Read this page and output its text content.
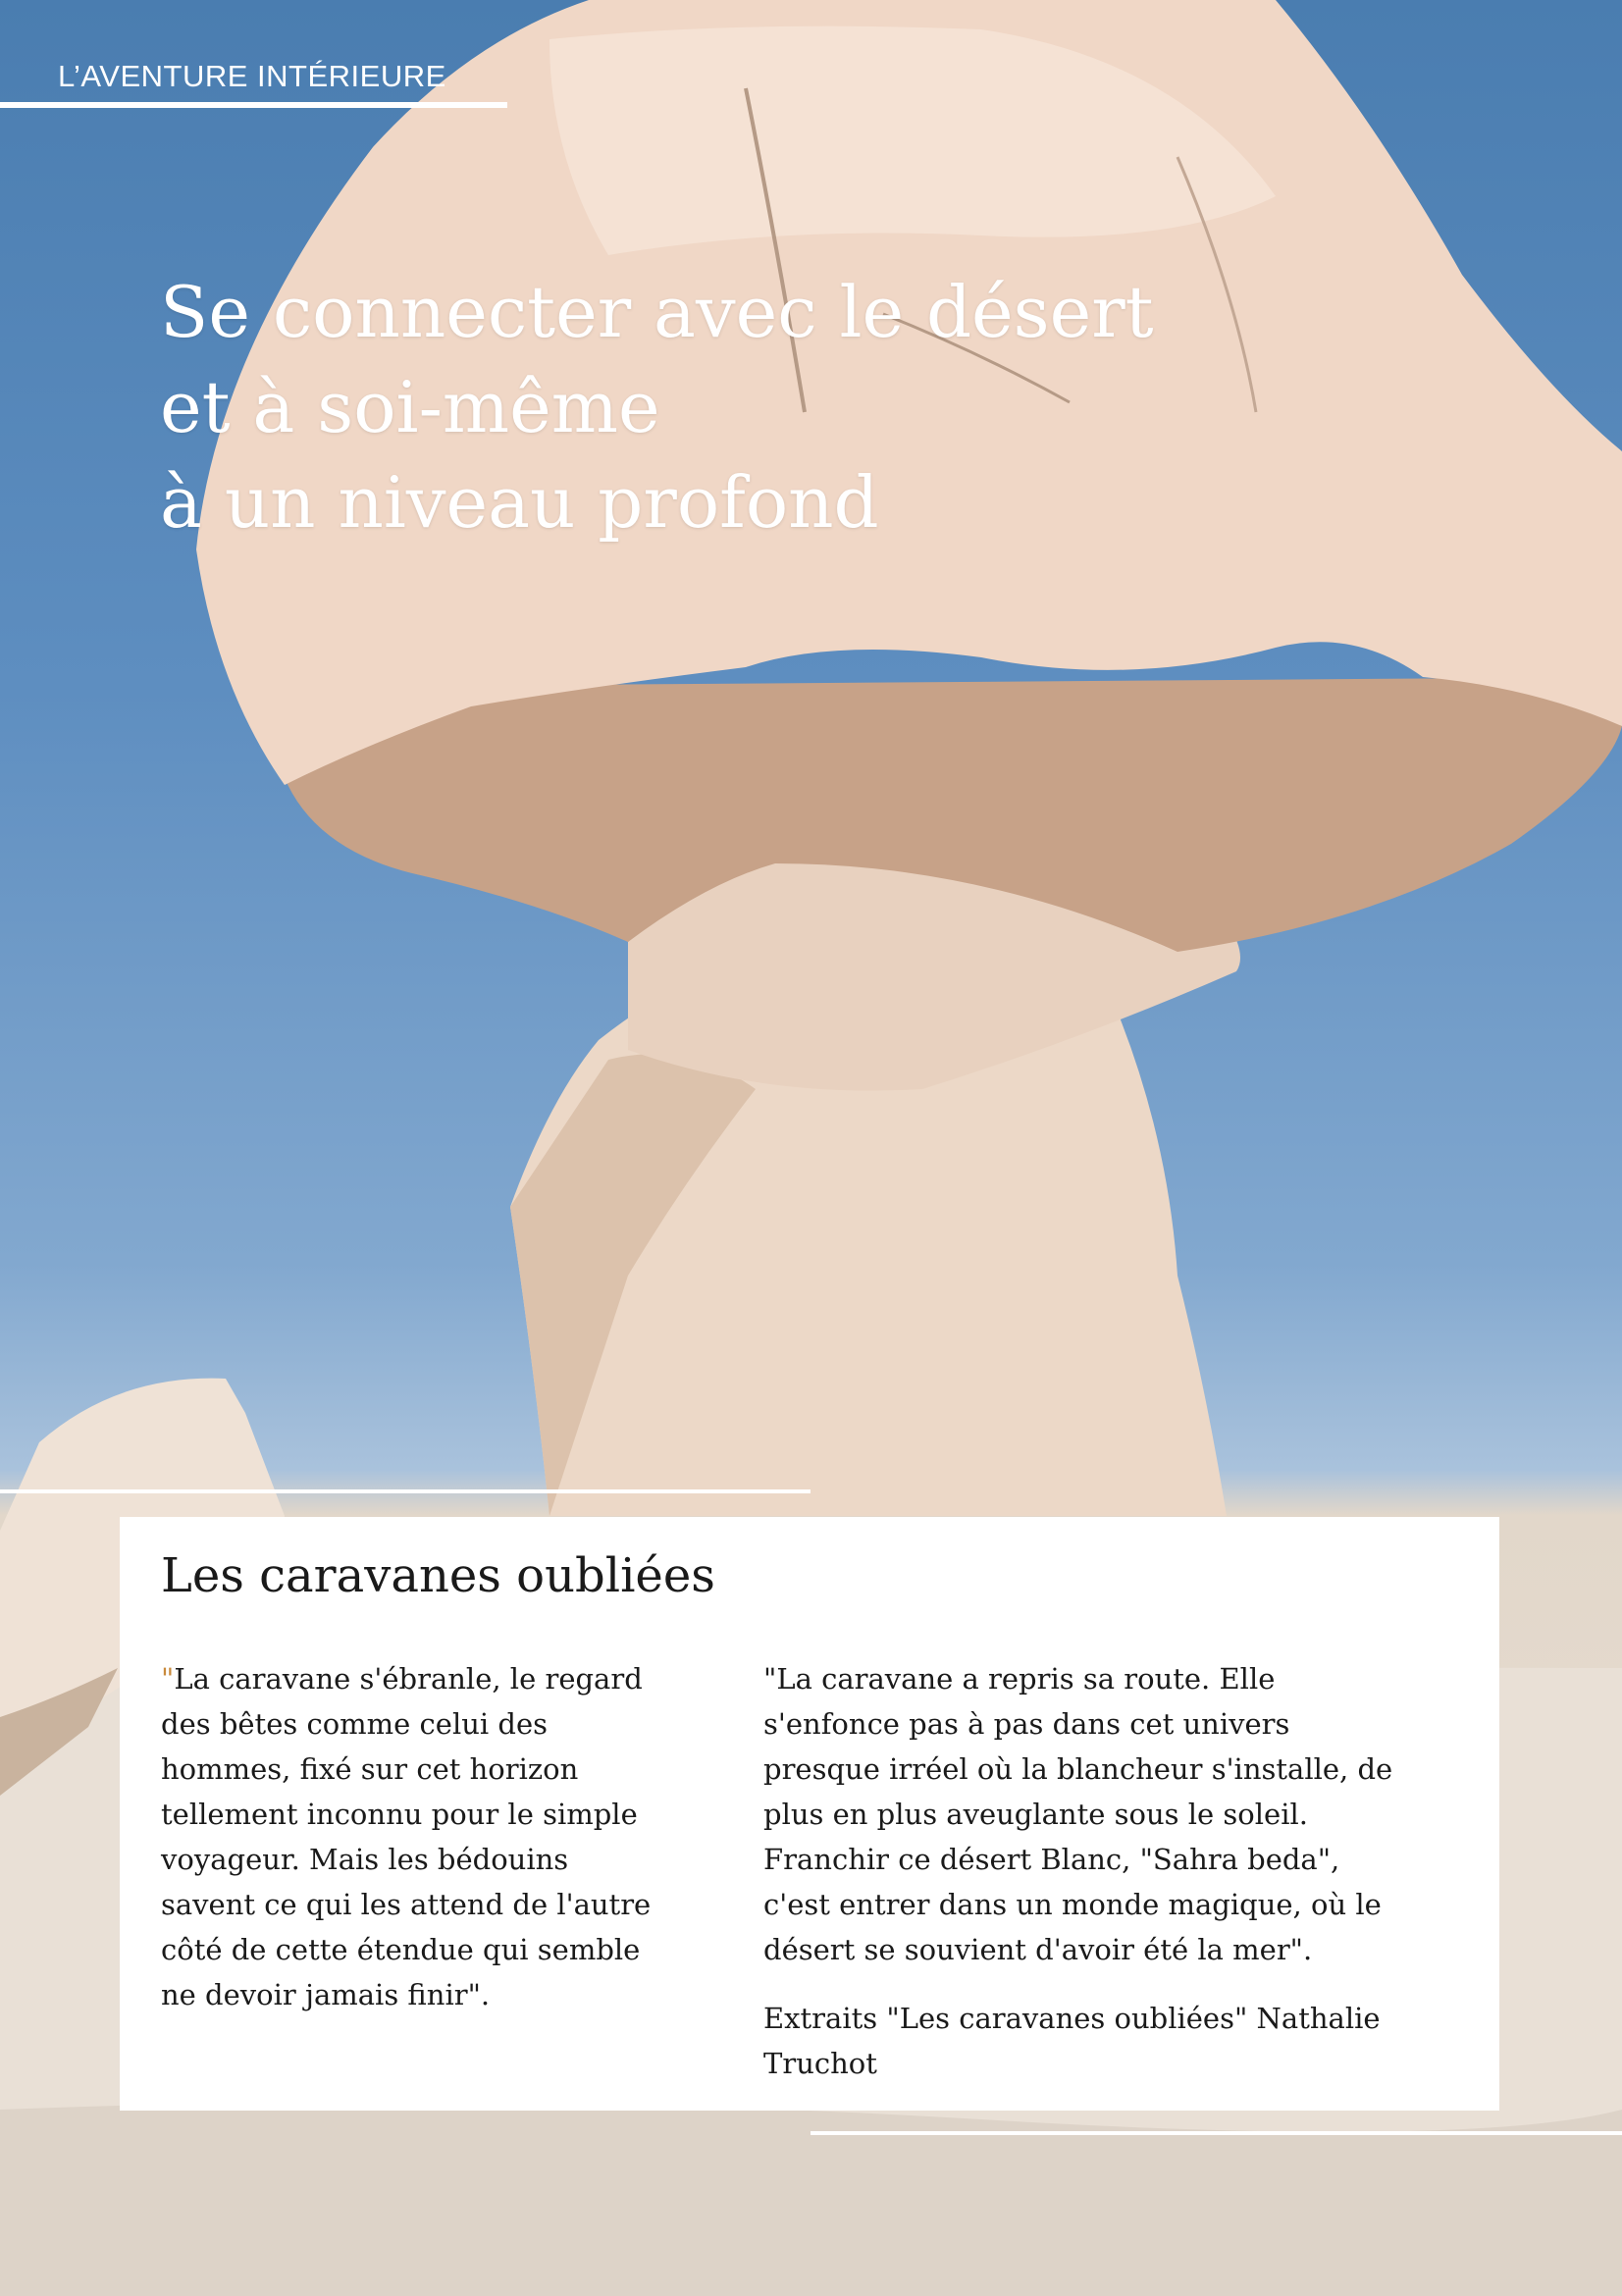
L’AVENTURE INTÉRIEURE
Se connecter avec le désert
et à soi-même
à un niveau profond
Les caravanes oubliées

"La caravane s'ébranle, le regard
des bêtes comme celui des
hommes, fixé sur cet horizon
tellement inconnu pour le simple
voyageur. Mais les bédouins
savent ce qui les attend de l'autre
côté de cette étendue qui semble
ne devoir jamais finir".

"La caravane a repris sa route. Elle
s'enfonce pas à pas dans cet univers
presque irréel où la blancheur s'installe, de
plus en plus aveuglante sous le soleil.
Franchir ce désert Blanc, "Sahra beda",
c'est entrer dans un monde magique, où le
désert se souvient d'avoir été la mer".
Extraits "Les caravanes oubliées" Nathalie
Truchot
